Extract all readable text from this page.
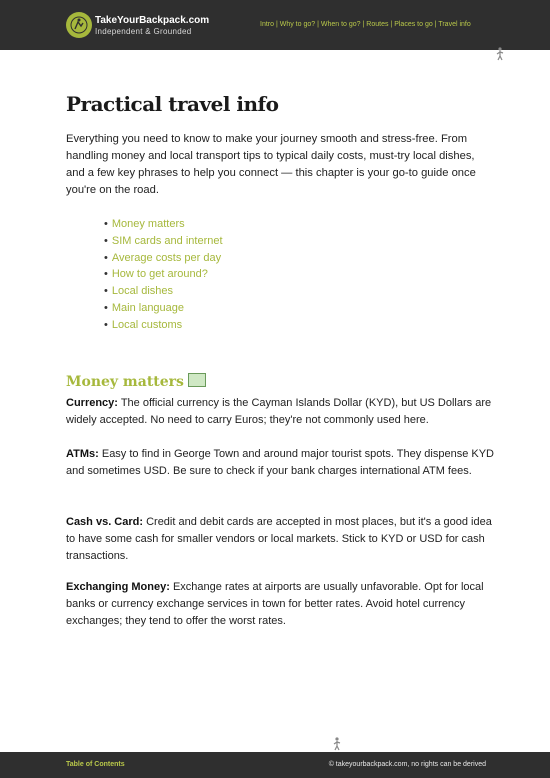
TakeYourBackpack.com
Independent & Grounded
Intro | Why to go? | When to go? | Routes | Places to go | Travel info
Practical travel info

Everything you need to know to make your journey smooth and stress-free. From handling money and local transport tips to typical daily costs, must-try local dishes, and a few key phrases to help you connect — this chapter is your go-to guide once you're on the road.

• Money matters
• SIM cards and internet
• Average costs per day
• How to get around?
• Local dishes
• Main language
• Local customs
Money matters

Currency: The official currency is the Cayman Islands Dollar (KYD), but US Dollars are widely accepted. No need to carry Euros; they're not commonly used here.

ATMs: Easy to find in George Town and around major tourist spots. They dispense KYD and sometimes USD. Be sure to check if your bank charges international ATM fees.

Cash vs. Card: Credit and debit cards are accepted in most places, but it's a good idea to have some cash for smaller vendors or local markets. Stick to KYD or USD for cash transactions.

Exchanging Money: Exchange rates at airports are usually unfavorable. Opt for local banks or currency exchange services in town for better rates. Avoid hotel currency exchanges; they tend to offer the worst rates.

Table of Contents	© takeyourbackpack.com, no rights can be derived
